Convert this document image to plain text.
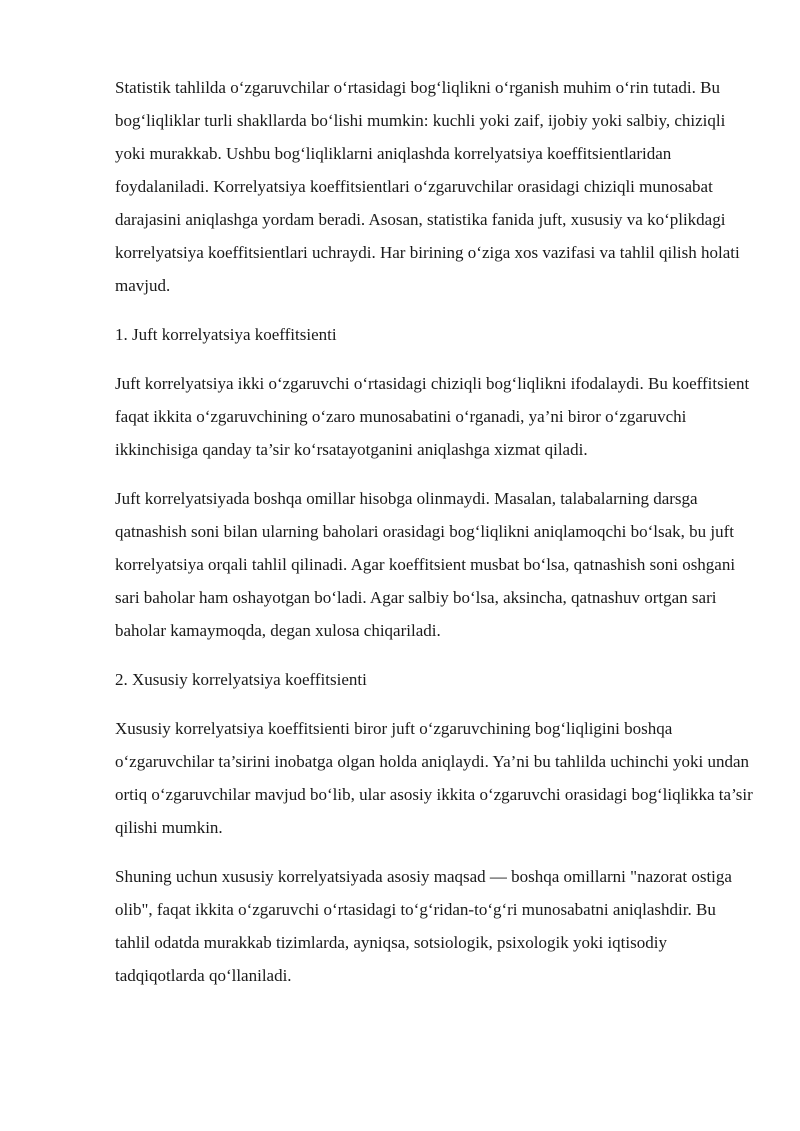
Statistik tahlilda o‘zgaruvchilar o‘rtasidagi bog‘liqlikni o‘rganish muhim o‘rin tutadi. Bu bog‘liqliklar turli shakllarda bo‘lishi mumkin: kuchli yoki zaif, ijobiy yoki salbiy, chiziqli yoki murakkab. Ushbu bog‘liqliklarni aniqlashda korrelyatsiya koeffitsientlaridan foydalaniladi. Korrelyatsiya koeffitsientlari o‘zgaruvchilar orasidagi chiziqli munosabat darajasini aniqlashga yordam beradi. Asosan, statistika fanida juft, xususiy va ko‘plikdagi korrelyatsiya koeffitsientlari uchraydi. Har birining o‘ziga xos vazifasi va tahlil qilish holati mavjud.

1. Juft korrelyatsiya koeffitsienti

Juft korrelyatsiya ikki o‘zgaruvchi o‘rtasidagi chiziqli bog‘liqlikni ifodalaydi. Bu koeffitsient faqat ikkita o‘zgaruvchining o‘zaro munosabatini o‘rganadi, ya’ni biror o‘zgaruvchi ikkinchisiga qanday ta’sir ko‘rsatayotganini aniqlashga xizmat qiladi.

Juft korrelyatsiyada boshqa omillar hisobga olinmaydi. Masalan, talabalarning darsga qatnashish soni bilan ularning baholari orasidagi bog‘liqlikni aniqlamoqchi bo‘lsak, bu juft korrelyatsiya orqali tahlil qilinadi. Agar koeffitsient musbat bo‘lsa, qatnashish soni oshgani sari baholar ham oshayotgan bo‘ladi. Agar salbiy bo‘lsa, aksincha, qatnashuv ortgan sari baholar kamaymoqda, degan xulosa chiqariladi.

2. Xususiy korrelyatsiya koeffitsienti

Xususiy korrelyatsiya koeffitsienti biror juft o‘zgaruvchining bog‘liqligini boshqa o‘zgaruvchilar ta’sirini inobatga olgan holda aniqlaydi. Ya’ni bu tahlilda uchinchi yoki undan ortiq o‘zgaruvchilar mavjud bo‘lib, ular asosiy ikkita o‘zgaruvchi orasidagi bog‘liqlikka ta’sir qilishi mumkin.

Shuning uchun xususiy korrelyatsiyada asosiy maqsad — boshqa omillarni "nazorat ostiga olib", faqat ikkita o‘zgaruvchi o‘rtasidagi to‘g‘ridan-to‘g‘ri munosabatni aniqlashdir. Bu tahlil odatda murakkab tizimlarda, ayniqsa, sotsiologik, psixologik yoki iqtisodiy tadqiqotlarda qo‘llaniladi.
